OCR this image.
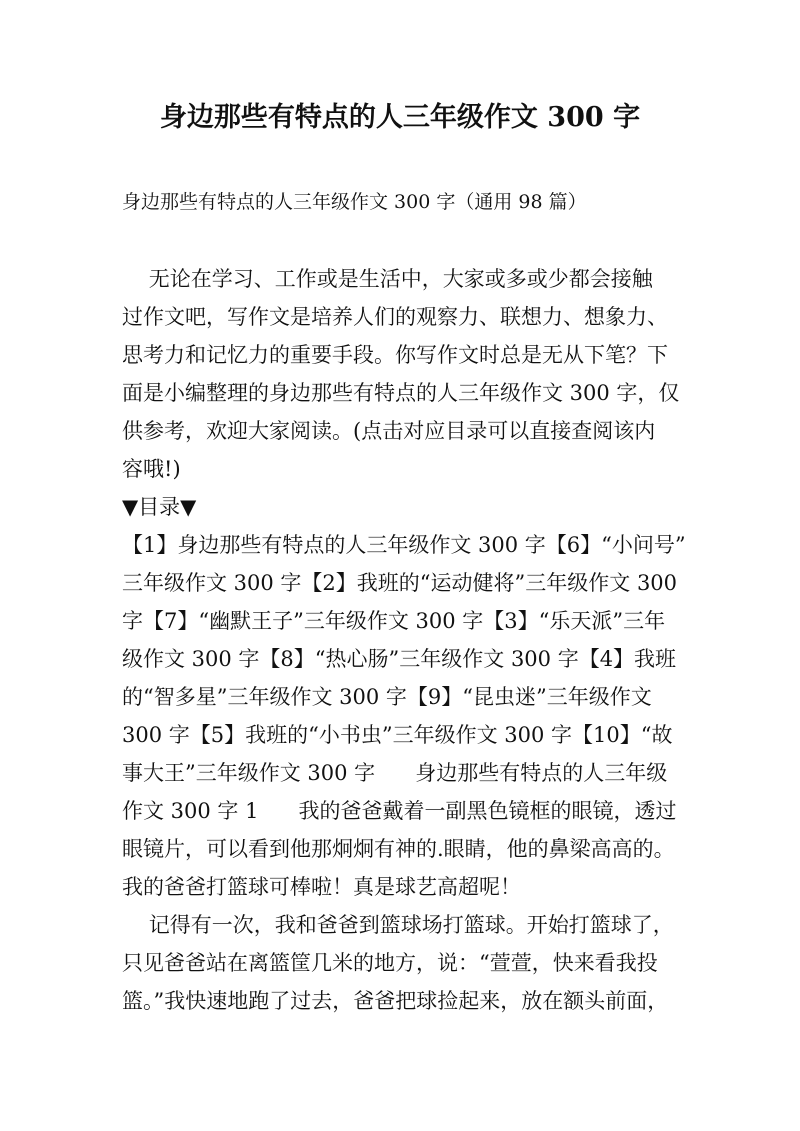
身边那些有特点的人三年级作文 300 字
身边那些有特点的人三年级作文 300 字（通用 98 篇）
无论在学习、工作或是生活中，大家或多或少都会接触
过作文吧，写作文是培养人们的观察力、联想力、想象力、
思考力和记忆力的重要手段。你写作文时总是无从下笔？下
面是小编整理的身边那些有特点的人三年级作文 300 字，仅
供参考，欢迎大家阅读。(点击对应目录可以直接查阅该内
容哦!)
▼目录▼
【1】身边那些有特点的人三年级作文 300 字【6】“小问号”
三年级作文 300 字【2】我班的“运动健将”三年级作文 300
字【7】“幽默王子”三年级作文 300 字【3】“乐天派”三年
级作文 300 字【8】“热心肠”三年级作文 300 字【4】我班
的“智多星”三年级作文 300 字【9】“昆虫迷”三年级作文
300 字【5】我班的“小书虫”三年级作文 300 字【10】“故
事大王”三年级作文 300 字      身边那些有特点的人三年级
作文 300 字 1      我的爸爸戴着一副黑色镜框的眼镜，透过
眼镜片，可以看到他那炯炯有神的.眼睛，他的鼻梁高高的。
我的爸爸打篮球可棒啦！真是球艺高超呢！
记得有一次，我和爸爸到篮球场打篮球。开始打篮球了，
只见爸爸站在离篮筐几米的地方，说：“萱萱，快来看我投
篮。”我快速地跑了过去，爸爸把球捡起来，放在额头前面，
